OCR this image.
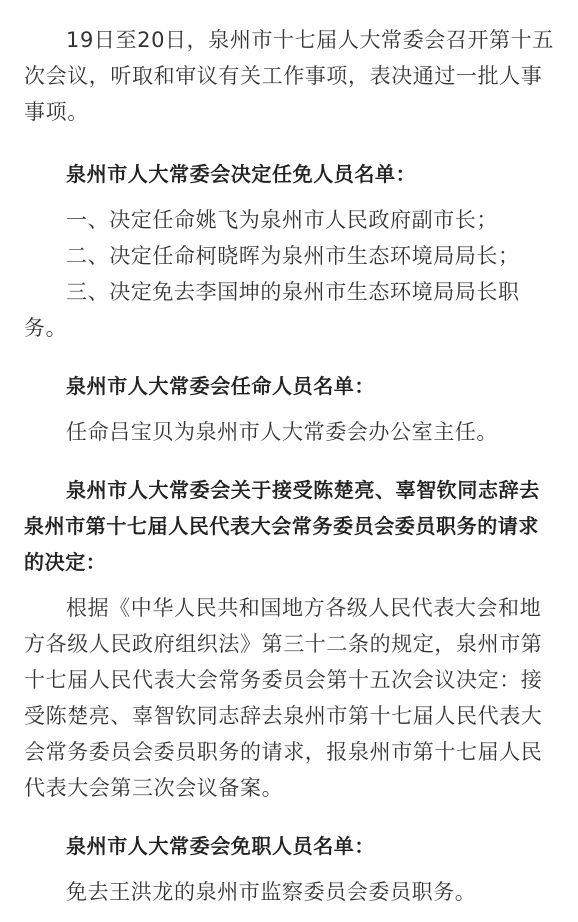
19日至20日，泉州市十七届人大常委会召开第十五次会议，听取和审议有关工作事项，表决通过一批人事事项。

泉州市人大常委会决定任免人员名单：

一、决定任命姚飞为泉州市人民政府副市长；

二、决定任命柯晓晖为泉州市生态环境局局长；

三、决定免去李国坤的泉州市生态环境局局长职务。

泉州市人大常委会任命人员名单：

任命吕宝贝为泉州市人大常委会办公室主任。

泉州市人大常委会关于接受陈楚亮、辜智钦同志辞去泉州市第十七届人民代表大会常务委员会委员职务的请求的决定：

根据《中华人民共和国地方各级人民代表大会和地方各级人民政府组织法》第三十二条的规定，泉州市第十七届人民代表大会常务委员会第十五次会议决定：接受陈楚亮、辜智钦同志辞去泉州市第十七届人民代表大会常务委员会委员职务的请求，报泉州市第十七届人民代表大会第三次会议备案。

泉州市人大常委会免职人员名单：

免去王洪龙的泉州市监察委员会委员职务。
